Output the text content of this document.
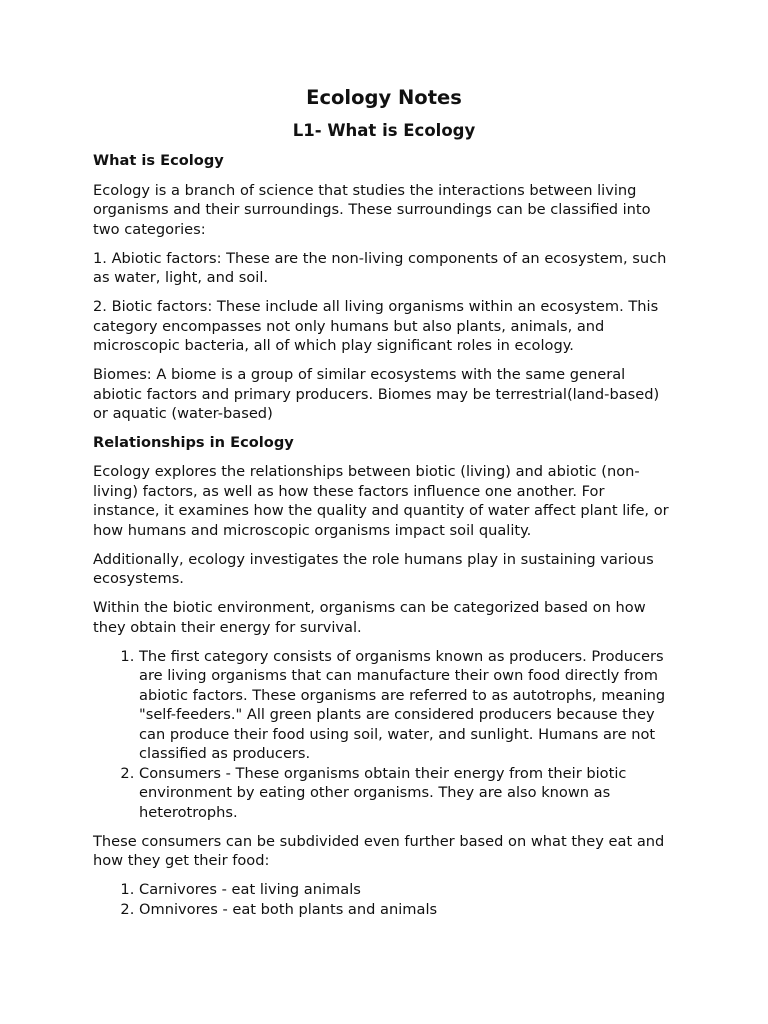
Ecology Notes
L1- What is Ecology
What is Ecology

Ecology is a branch of science that studies the interactions between living organisms and their surroundings. These surroundings can be classified into two categories:

1. Abiotic factors: These are the non-living components of an ecosystem, such as water, light, and soil.

2. Biotic factors: These include all living organisms within an ecosystem. This category encompasses not only humans but also plants, animals, and microscopic bacteria, all of which play significant roles in ecology.

Biomes: A biome is a group of similar ecosystems with the same general abiotic factors and primary producers. Biomes may be terrestrial(land-based) or aquatic (water-based)

Relationships in Ecology

Ecology explores the relationships between biotic (living) and abiotic (non-living) factors, as well as how these factors influence one another. For instance, it examines how the quality and quantity of water affect plant life, or how humans and microscopic organisms impact soil quality.

Additionally, ecology investigates the role humans play in sustaining various ecosystems.

Within the biotic environment, organisms can be categorized based on how they obtain their energy for survival.

1. The first category consists of organisms known as producers. Producers are living organisms that can manufacture their own food directly from abiotic factors. These organisms are referred to as autotrophs, meaning "self-feeders." All green plants are considered producers because they can produce their food using soil, water, and sunlight. Humans are not classified as producers.
2. Consumers - These organisms obtain their energy from their biotic environment by eating other organisms. They are also known as heterotrophs.

These consumers can be subdivided even further based on what they eat and how they get their food:

1. Carnivores - eat living animals
2. Omnivores - eat both plants and animals
